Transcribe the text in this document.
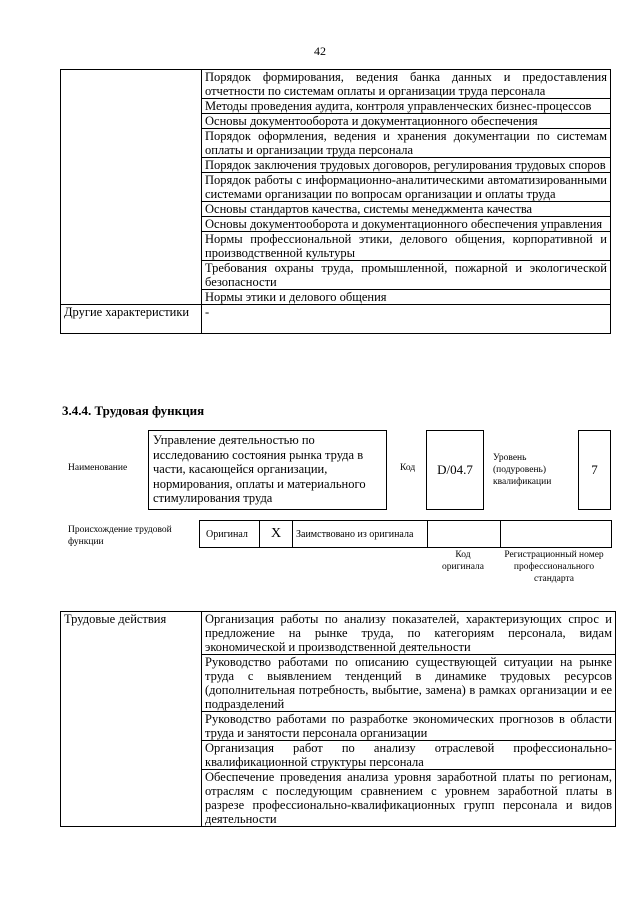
42
	Порядок формирования, ведения банка данных и предоставления отчетности по системам оплаты и организации труда персонала
	Методы проведения аудита, контроля управленческих бизнес-процессов
	Основы документооборота и документационного обеспечения
	Порядок оформления, ведения и хранения документации по системам оплаты и организации труда персонала
	Порядок заключения трудовых договоров, регулирования трудовых споров
	Порядок работы с информационно-аналитическими автоматизированными системами организации по вопросам организации и оплаты труда
	Основы стандартов качества, системы менеджмента качества
	Основы документооборота и документационного обеспечения управления
	Нормы профессиональной этики, делового общения, корпоративной и производственной культуры
	Требования охраны труда, промышленной, пожарной и экологической безопасности
	Нормы этики и делового общения
Другие характеристики	-
3.4.4. Трудовая функция
Наименование
Управление деятельностью по исследованию состояния рынка труда в части, касающейся организации, нормирования, оплаты и материального стимулирования труда
Код D/04.7
Уровень (подуровень) квалификации
7
Происхождение трудовой функции
Оригинал	X	Заимствовано из оригинала		
Код оригинала
Регистрационный номер профессионального стандарта
Трудовые действия	Организация работы по анализу показателей, характеризующих спрос и предложение на рынке труда, по категориям персонала, видам экономической и производственной деятельности
	Руководство работами по описанию существующей ситуации на рынке труда с выявлением тенденций в динамике трудовых ресурсов (дополнительная потребность, выбытие, замена) в рамках организации и ее подразделений
	Руководство работами по разработке экономических прогнозов в области труда и занятости персонала организации
	Организация работ по анализу отраслевой профессионально-квалификационной структуры персонала
	Обеспечение проведения анализа уровня заработной платы по регионам, отраслям с последующим сравнением с уровнем заработной платы в разрезе профессионально-квалификационных групп персонала и видов деятельности
